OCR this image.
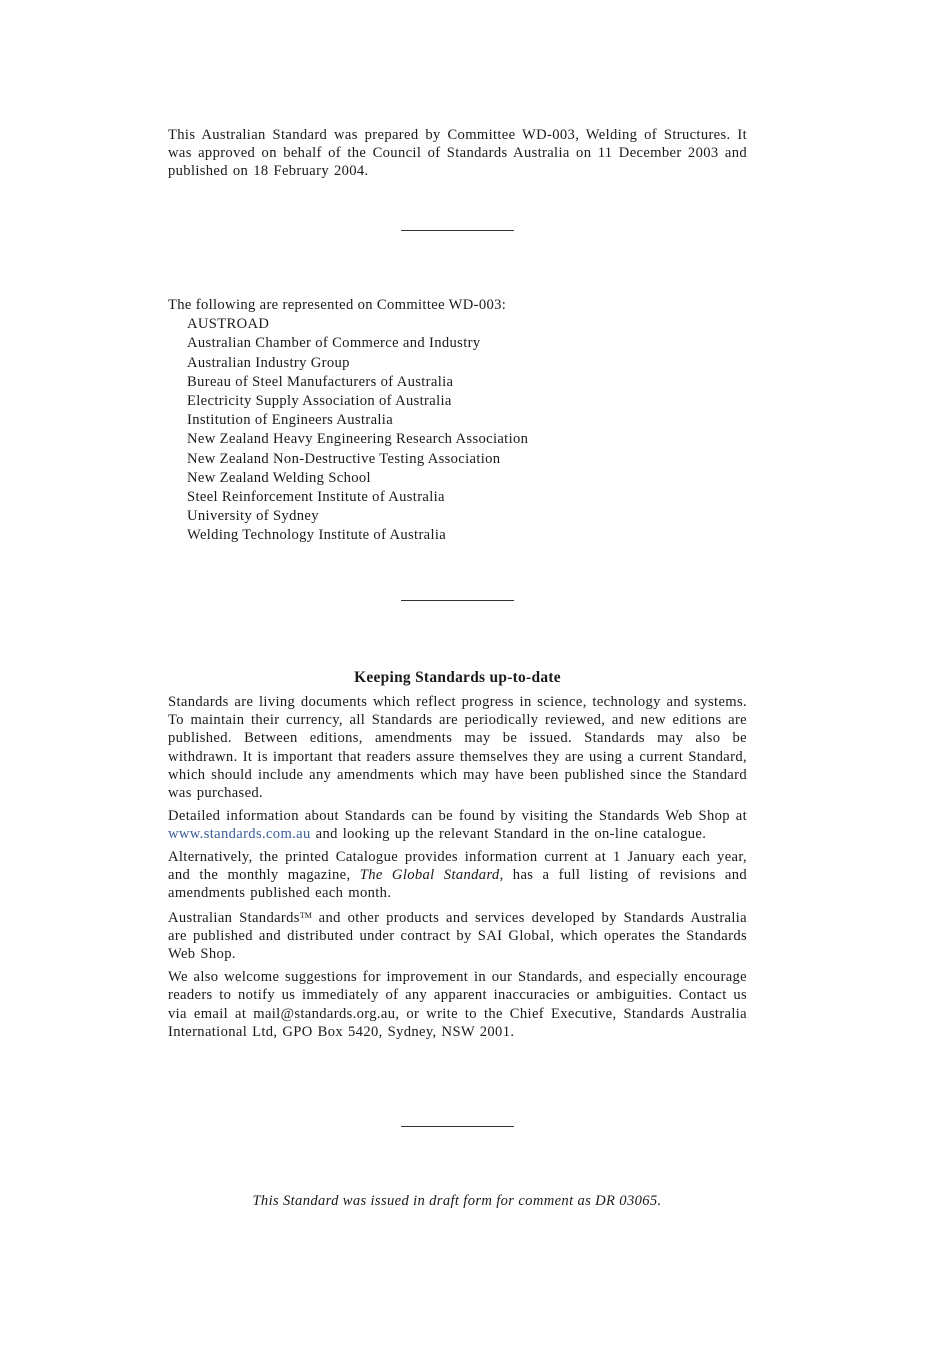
This Australian Standard was prepared by Committee WD-003, Welding of Structures. It was approved on behalf of the Council of Standards Australia on 11 December 2003 and published on 18 February 2004.
The following are represented on Committee WD-003:
AUSTROAD
Australian Chamber of Commerce and Industry
Australian Industry Group
Bureau of Steel Manufacturers of Australia
Electricity Supply Association of Australia
Institution of Engineers Australia
New Zealand Heavy Engineering Research Association
New Zealand Non-Destructive Testing Association
New Zealand Welding School
Steel Reinforcement Institute of Australia
University of Sydney
Welding Technology Institute of Australia
Keeping Standards up-to-date

Standards are living documents which reflect progress in science, technology and systems. To maintain their currency, all Standards are periodically reviewed, and new editions are published. Between editions, amendments may be issued. Standards may also be withdrawn. It is important that readers assure themselves they are using a current Standard, which should include any amendments which may have been published since the Standard was purchased.

Detailed information about Standards can be found by visiting the Standards Web Shop at www.standards.com.au and looking up the relevant Standard in the on-line catalogue.

Alternatively, the printed Catalogue provides information current at 1 January each year, and the monthly magazine, The Global Standard, has a full listing of revisions and amendments published each month.

Australian Standards™ and other products and services developed by Standards Australia are published and distributed under contract by SAI Global, which operates the Standards Web Shop.

We also welcome suggestions for improvement in our Standards, and especially encourage readers to notify us immediately of any apparent inaccuracies or ambiguities. Contact us via email at mail@standards.org.au, or write to the Chief Executive, Standards Australia International Ltd, GPO Box 5420, Sydney, NSW 2001.

This Standard was issued in draft form for comment as DR 03065.
